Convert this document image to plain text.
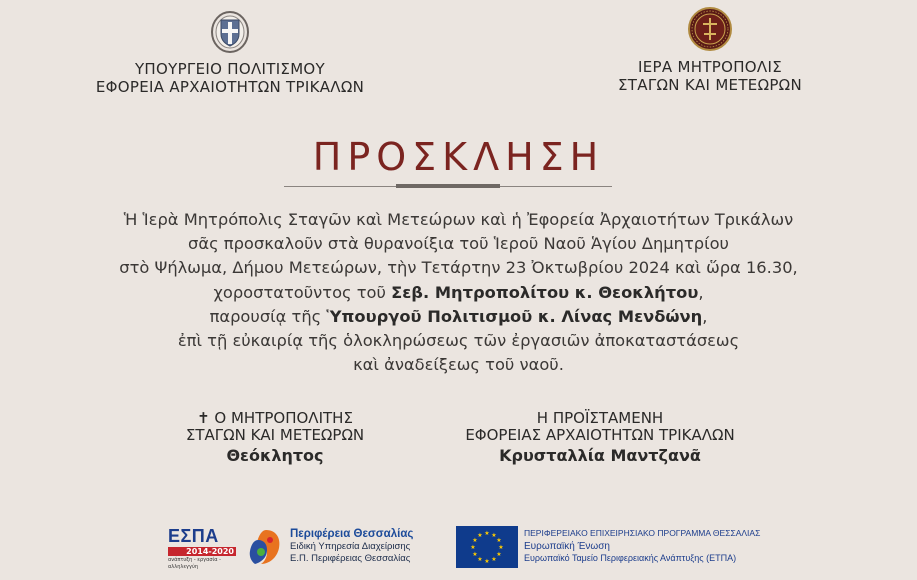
ΥΠΟΥΡΓΕΙΟ ΠΟΛΙΤΙΣΜΟΥ
ΕΦΟΡΕΙΑ ΑΡΧΑΙΟΤΗΤΩΝ ΤΡΙΚΑΛΩΝ
ΙΕΡΑ ΜΗΤΡΟΠΟΛΙΣ
ΣΤΑΓΩΝ ΚΑΙ ΜΕΤΕΩΡΩΝ
ΠΡΟΣΚΛΗΣΗ
Ἡ Ἱερὰ Μητρόπολις Σταγῶν καὶ Μετεώρων καὶ ἡ Ἐφορεία Ἀρχαιοτήτων Τρικάλων
σᾶς προσκαλοῦν στὰ θυρανοίξια τοῦ Ἱεροῦ Ναοῦ Ἁγίου Δημητρίου
στὸ Ψήλωμα, Δήμου Μετεώρων, τὴν Τετάρτην 23 Ὀκτωβρίου 2024 καὶ ὥρα 16.30,
χοροστατοῦντος τοῦ Σεβ. Μητροπολίτου κ. Θεοκλήτου,
παρουσίᾳ τῆς Ὑπουργοῦ Πολιτισμοῦ κ. Λίνας Μενδώνη,
ἐπὶ τῇ εὐκαιρίᾳ τῆς ὁλοκληρώσεως τῶν ἐργασιῶν ἀποκαταστάσεως
καὶ ἀναδείξεως τοῦ ναοῦ.
✝ Ο ΜΗΤΡΟΠΟΛΙΤΗΣ
ΣΤΑΓΩΝ ΚΑΙ ΜΕΤΕΩΡΩΝ
Θεόκλητος
Η ΠΡΟΪΣΤΑΜΕΝΗ
ΕΦΟΡΕΙΑΣ ΑΡΧΑΙΟΤΗΤΩΝ ΤΡΙΚΑΛΩΝ
Κρυσταλλία Μαντζανᾶ
ΕΣΠΑ
2014-2020
ανάπτυξη - εργασία - αλληλεγγύη
Περιφέρεια Θεσσαλίας
Ειδική Υπηρεσία Διαχείρισης
Ε.Π. Περιφέρειας Θεσσαλίας
★ ★
★
★
★
★
★
★
★
★
★
★	ΠΕΡΙΦΕΡΕΙΑΚΟ ΕΠΙΧΕΙΡΗΣΙΑΚΟ ΠΡΟΓΡΑΜΜΑ ΘΕΣΣΑΛΙΑΣ
Ευρωπαϊκή Ένωση
Ευρωπαϊκό Ταμείο Περιφερειακής Ανάπτυξης (ΕΤΠΑ)
